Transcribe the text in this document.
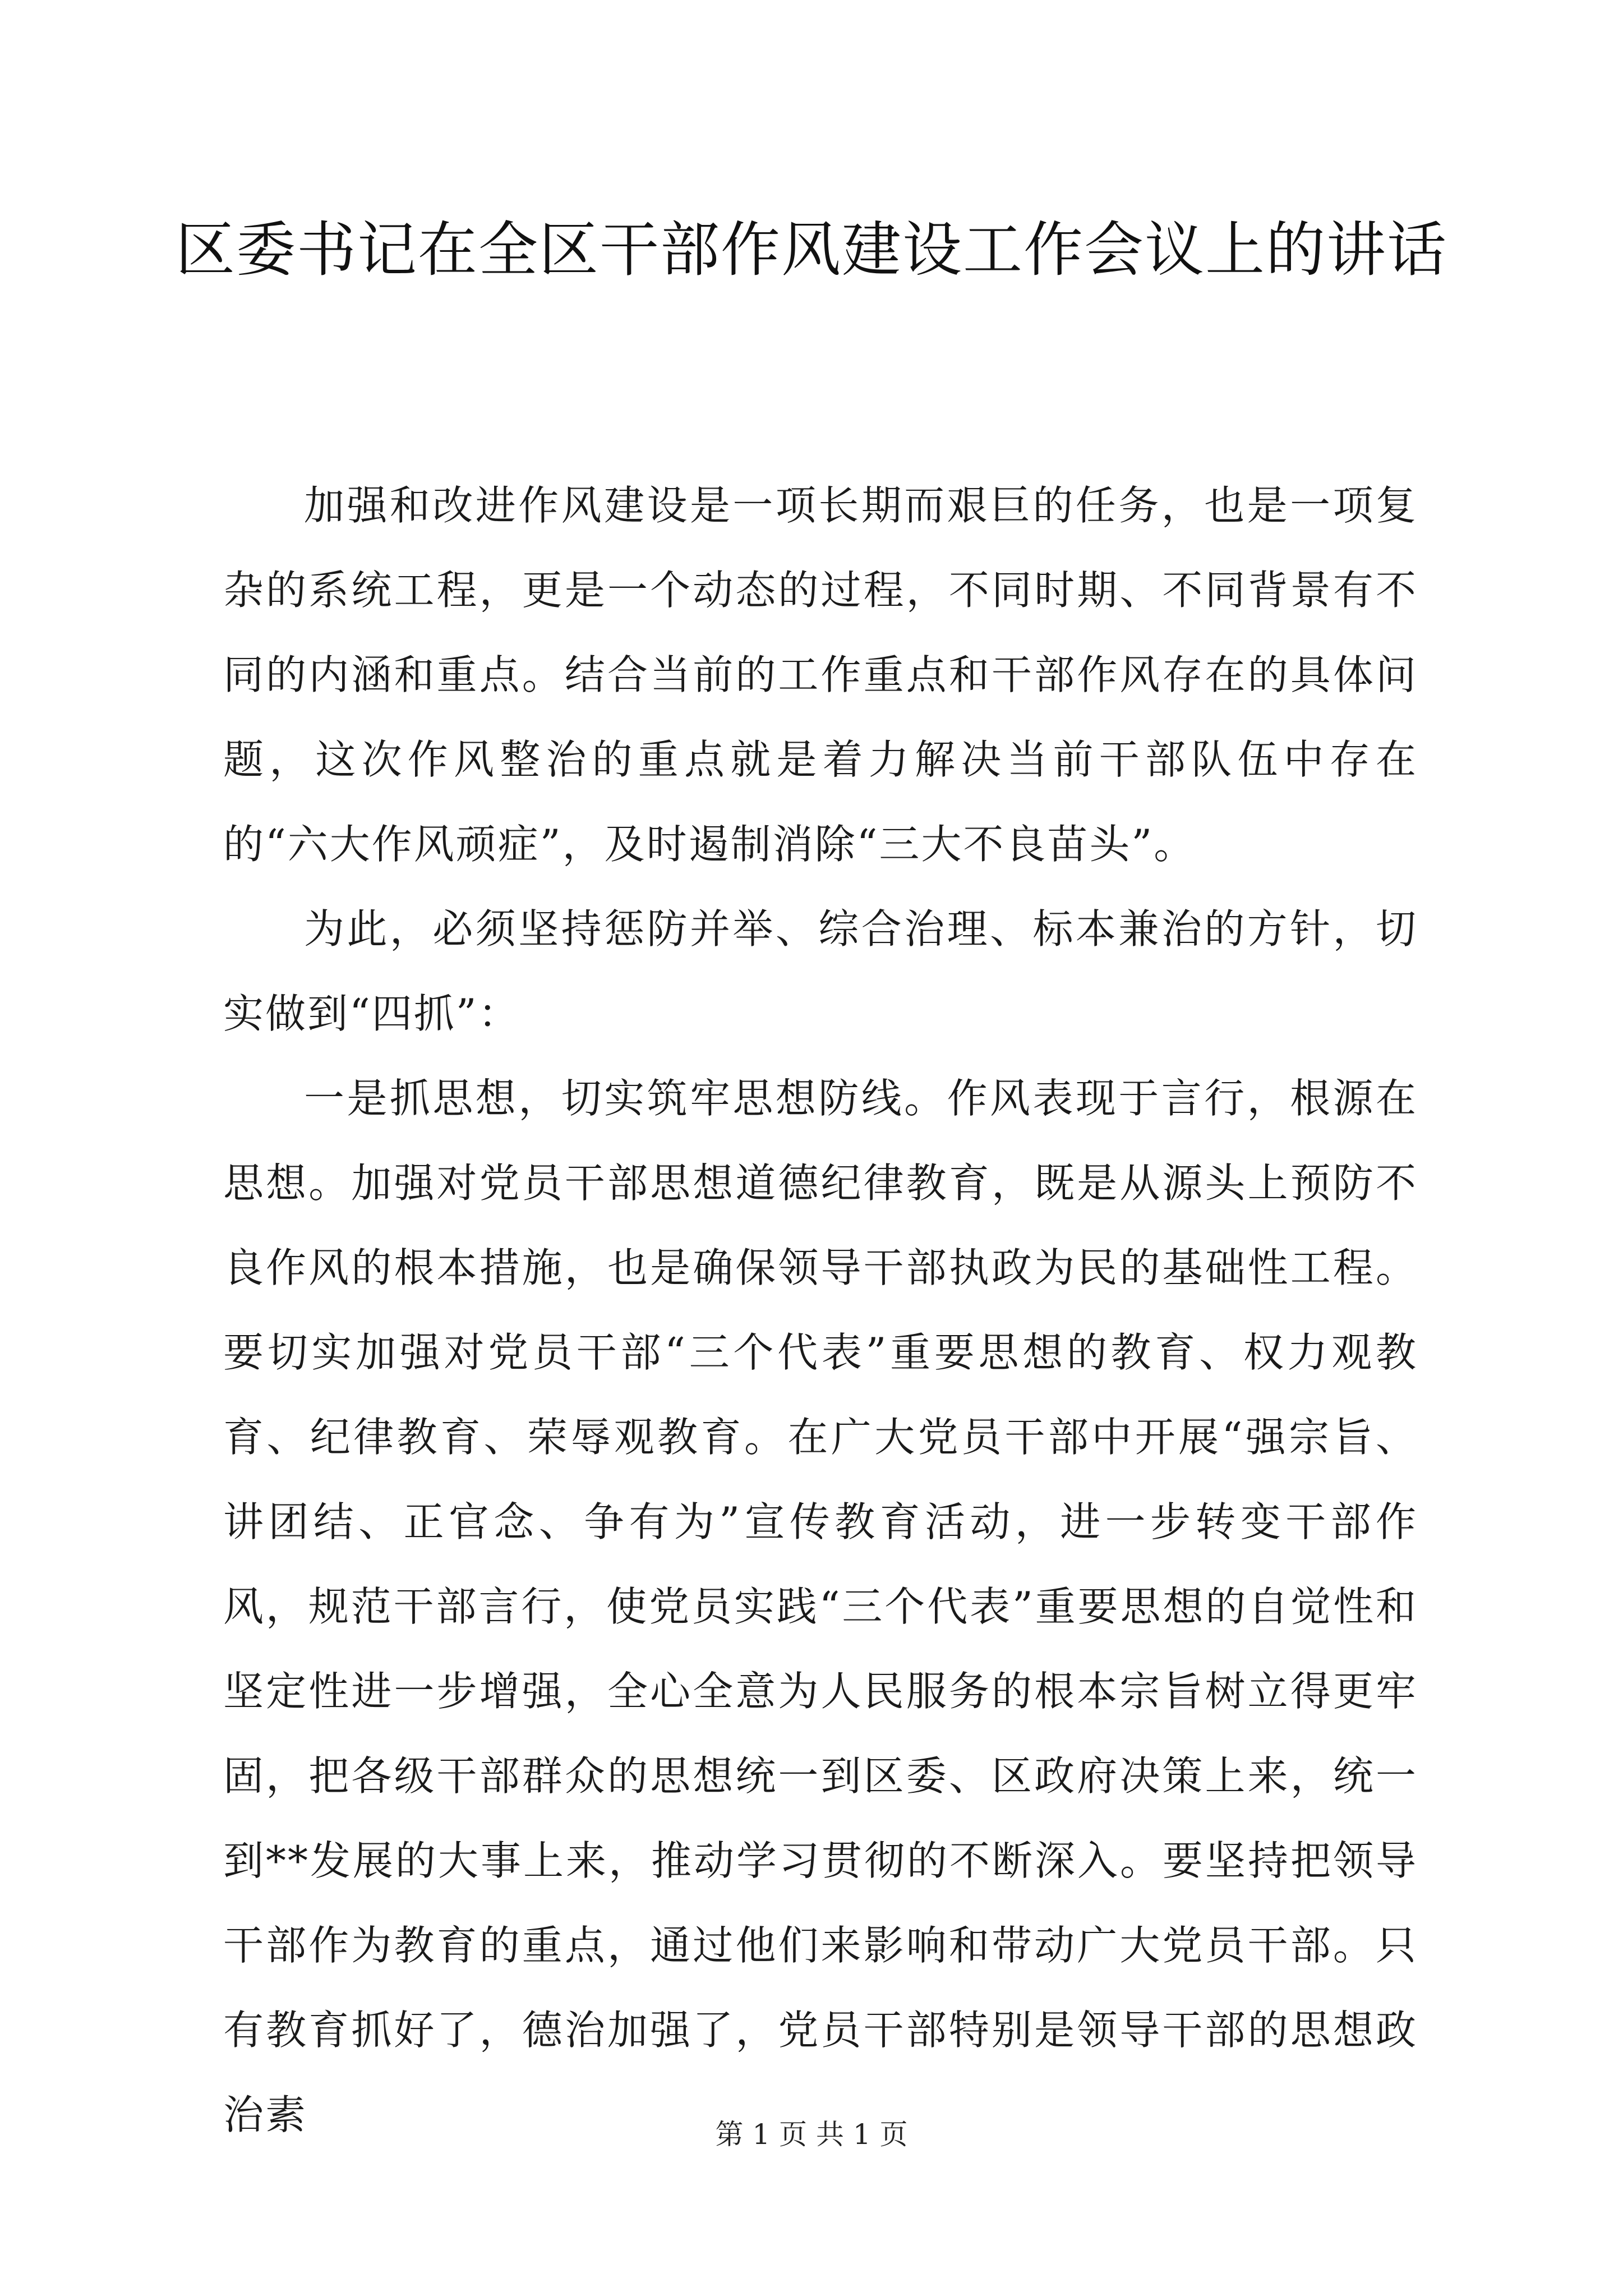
区委书记在全区干部作风建设工作会议上的讲话

加强和改进作风建设是一项长期而艰巨的任务，也是一项复杂的系统工程，更是一个动态的过程，不同时期、不同背景有不同的内涵和重点。结合当前的工作重点和干部作风存在的具体问题，这次作风整治的重点就是着力解决当前干部队伍中存在的“六大作风顽症”，及时遏制消除“三大不良苗头”。

为此，必须坚持惩防并举、综合治理、标本兼治的方针，切实做到“四抓”：

一是抓思想，切实筑牢思想防线。作风表现于言行，根源在思想。加强对党员干部思想道德纪律教育，既是从源头上预防不良作风的根本措施，也是确保领导干部执政为民的基础性工程。要切实加强对党员干部“三个代表”重要思想的教育、权力观教育、纪律教育、荣辱观教育。在广大党员干部中开展“强宗旨、讲团结、正官念、争有为”宣传教育活动，进一步转变干部作风，规范干部言行，使党员实践“三个代表”重要思想的自觉性和坚定性进一步增强，全心全意为人民服务的根本宗旨树立得更牢固，把各级干部群众的思想统一到区委、区政府决策上来，统一到**发展的大事上来，推动学习贯彻的不断深入。要坚持把领导干部作为教育的重点，通过他们来影响和带动广大党员干部。只有教育抓好了，德治加强了，党员干部特别是领导干部的思想政治素	第 1 页 共 1 页
